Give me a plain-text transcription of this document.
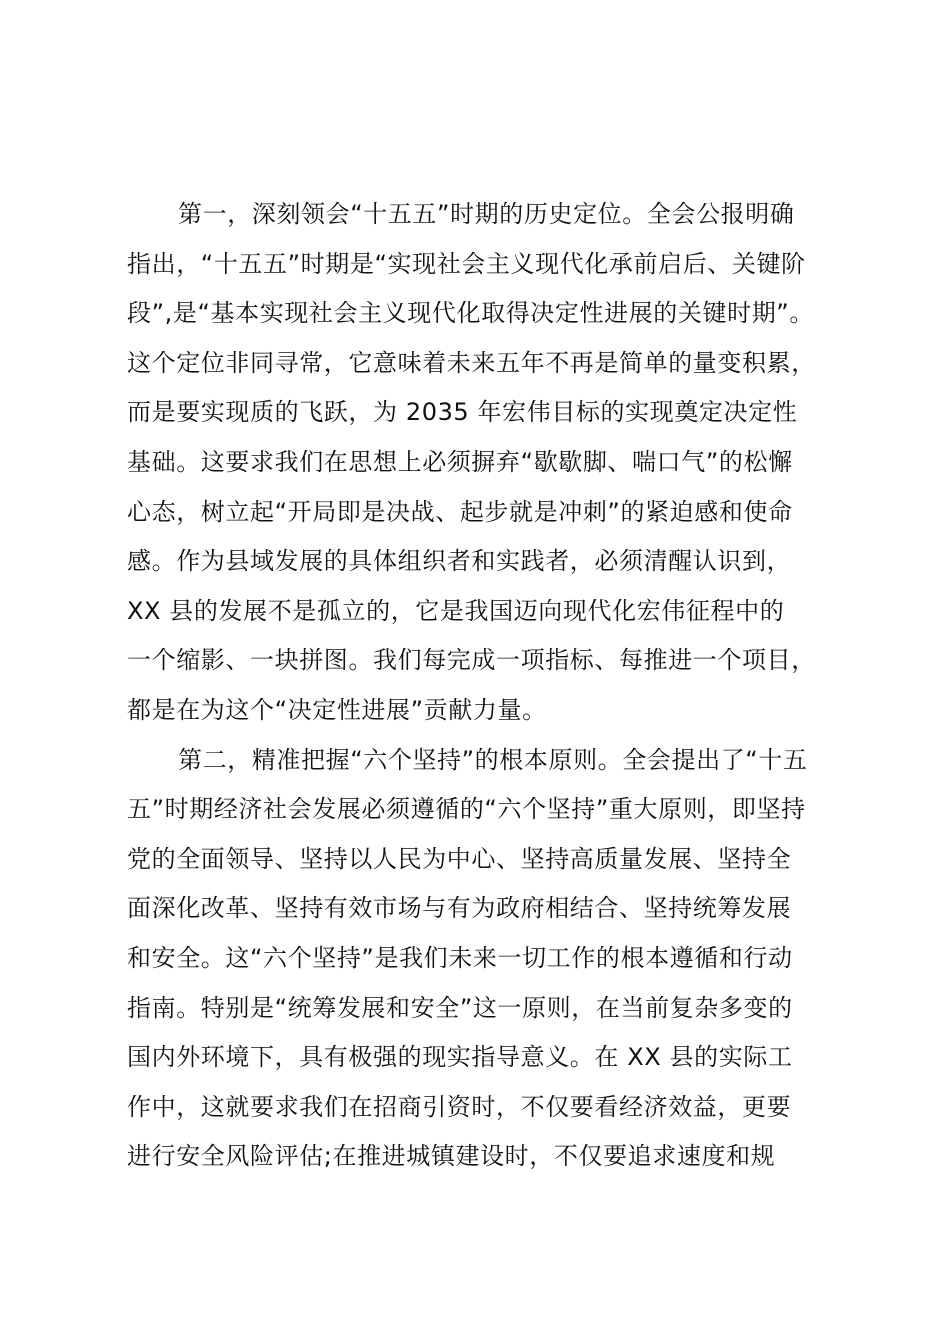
第一，深刻领会“十五五”时期的历史定位。全会公报明确
指出，“十五五”时期是“实现社会主义现代化承前启后、关键阶
段”,是“基本实现社会主义现代化取得决定性进展的关键时期”。
这个定位非同寻常，它意味着未来五年不再是简单的量变积累，
而是要实现质的飞跃，为 2035 年宏伟目标的实现奠定决定性
基础。这要求我们在思想上必须摒弃“歇歇脚、喘口气”的松懈
心态，树立起“开局即是决战、起步就是冲刺”的紧迫感和使命
感。作为县域发展的具体组织者和实践者，必须清醒认识到，
XX 县的发展不是孤立的，它是我国迈向现代化宏伟征程中的
一个缩影、一块拼图。我们每完成一项指标、每推进一个项目，
都是在为这个“决定性进展”贡献力量。
第二，精准把握“六个坚持”的根本原则。全会提出了“十五
五”时期经济社会发展必须遵循的“六个坚持”重大原则，即坚持
党的全面领导、坚持以人民为中心、坚持高质量发展、坚持全
面深化改革、坚持有效市场与有为政府相结合、坚持统筹发展
和安全。这“六个坚持”是我们未来一切工作的根本遵循和行动
指南。特别是“统筹发展和安全”这一原则，在当前复杂多变的
国内外环境下，具有极强的现实指导意义。在 XX 县的实际工
作中，这就要求我们在招商引资时，不仅要看经济效益，更要
进行安全风险评估;在推进城镇建设时，不仅要追求速度和规
